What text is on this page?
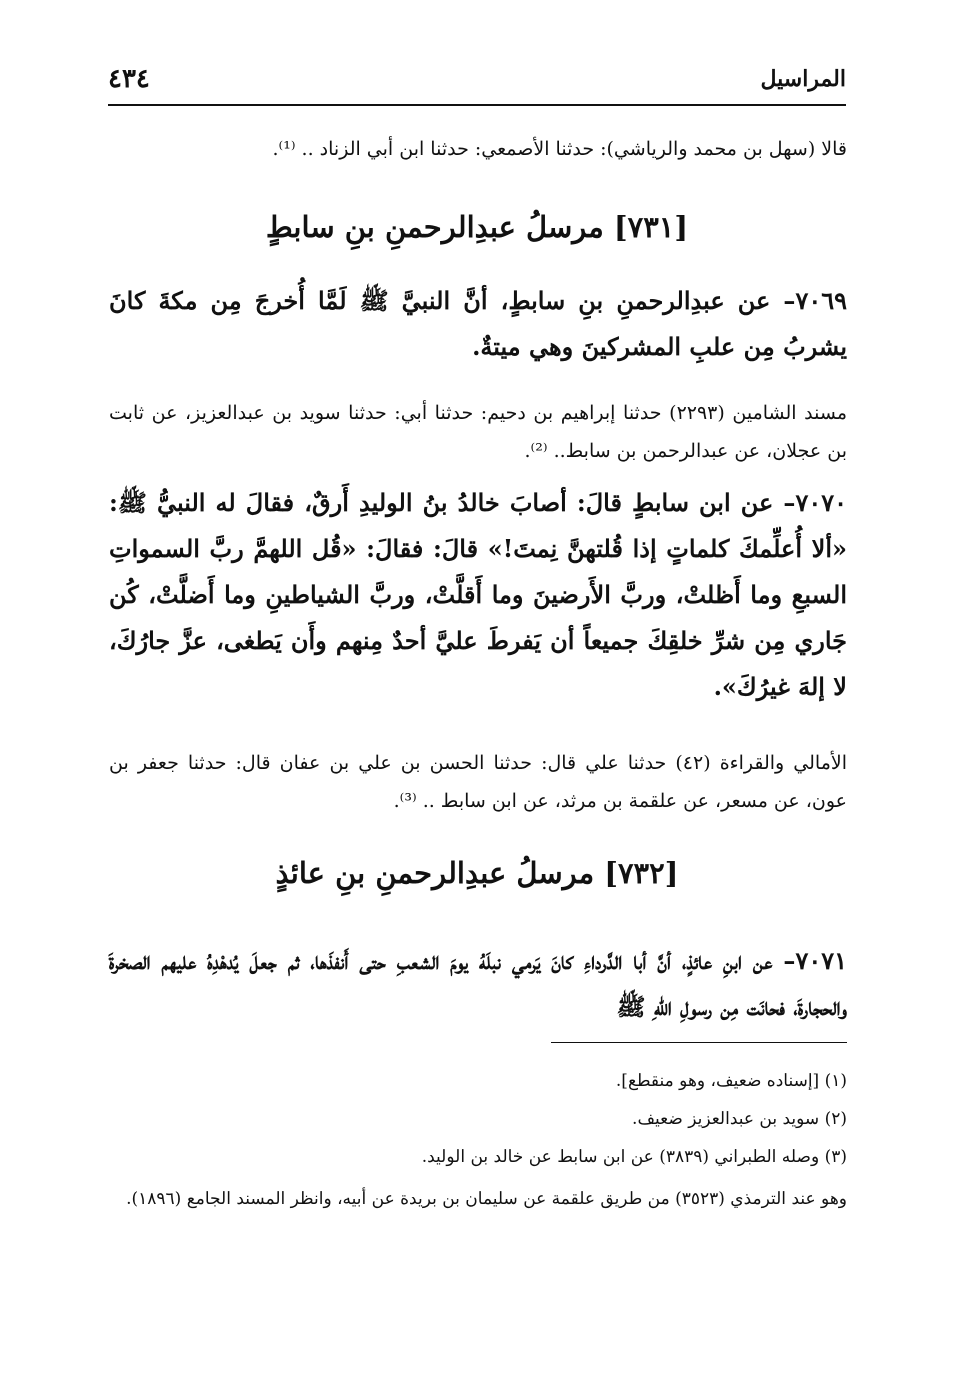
المراسيل
٤٣٤
قالا (سهل بن محمد والرياشي): حدثنا الأصمعي: حدثنا ابن أبي الزناد .. ⁽¹⁾.
[٧٣١] مرسلُ عبدِالرحمنِ بنِ سابطٍ
٧٠٦٩– عن عبدِالرحمنِ بنِ سابطٍ، أنَّ النبيَّ ﷺ لَمَّا أُخرجَ مِن مكةَ كانَ يشربُ مِن علبِ المشركينَ وهي ميتةٌ.
مسند الشامين (٢٢٩٣) حدثنا إبراهيم بن دحيم: حدثنا أبي: حدثنا سويد بن عبدالعزيز، عن ثابت بن عجلان، عن عبدالرحمن بن سابط.. ⁽²⁾.
٧٠٧٠– عن ابن سابطٍ قالَ: أصابَ خالدُ بنُ الوليدِ أَرقٌ، فقالَ له النبيُّ ﷺ: «ألا أُعلِّمكَ كلماتٍ إذا قُلتهنَّ نِمتَ!» قالَ: فقالَ: «قُل اللهمَّ ربَّ السمواتِ السبعِ وما أَظلتْ، وربَّ الأَرضينَ وما أَقلَّتْ، وربَّ الشياطينِ وما أَضلَّتْ، كُن جَاري مِن شرِّ خلقِكَ جميعاً أن يَفرطَ عليَّ أحدٌ مِنهم وأَن يَطغى، عزَّ جارُكَ، لا إلهَ غيرُكَ».
الأمالي والقراءة (٤٢) حدثنا علي قال: حدثنا الحسن بن علي بن عفان قال: حدثنا جعفر بن عون، عن مسعر، عن علقمة بن مرثد، عن ابن سابط .. ⁽³⁾.
[٧٣٢] مرسلُ عبدِالرحمنِ بنِ عائذٍ
٧٠٧١– عن ابنِ عائذٍ، أنَّ أبا الدَّرداءِ كانَ يَرمي نبلَهُ يومَ الشعبِ حتى أَنفذَها، ثم جعلَ يُدهْدِهُ عليهم الصخرةَ والحجارةَ، فحانَت مِن رسولِ اللهِ ﷺ
(١) [إسناده ضعيف، وهو منقطع].
(٢) سويد بن عبدالعزيز ضعيف.
(٣) وصله الطبراني (٣٨٣٩) عن ابن سابط عن خالد بن الوليد.
وهو عند الترمذي (٣٥٢٣) من طريق علقمة عن سليمان بن بريدة عن أبيه، وانظر المسند الجامع (١٨٩٦).
